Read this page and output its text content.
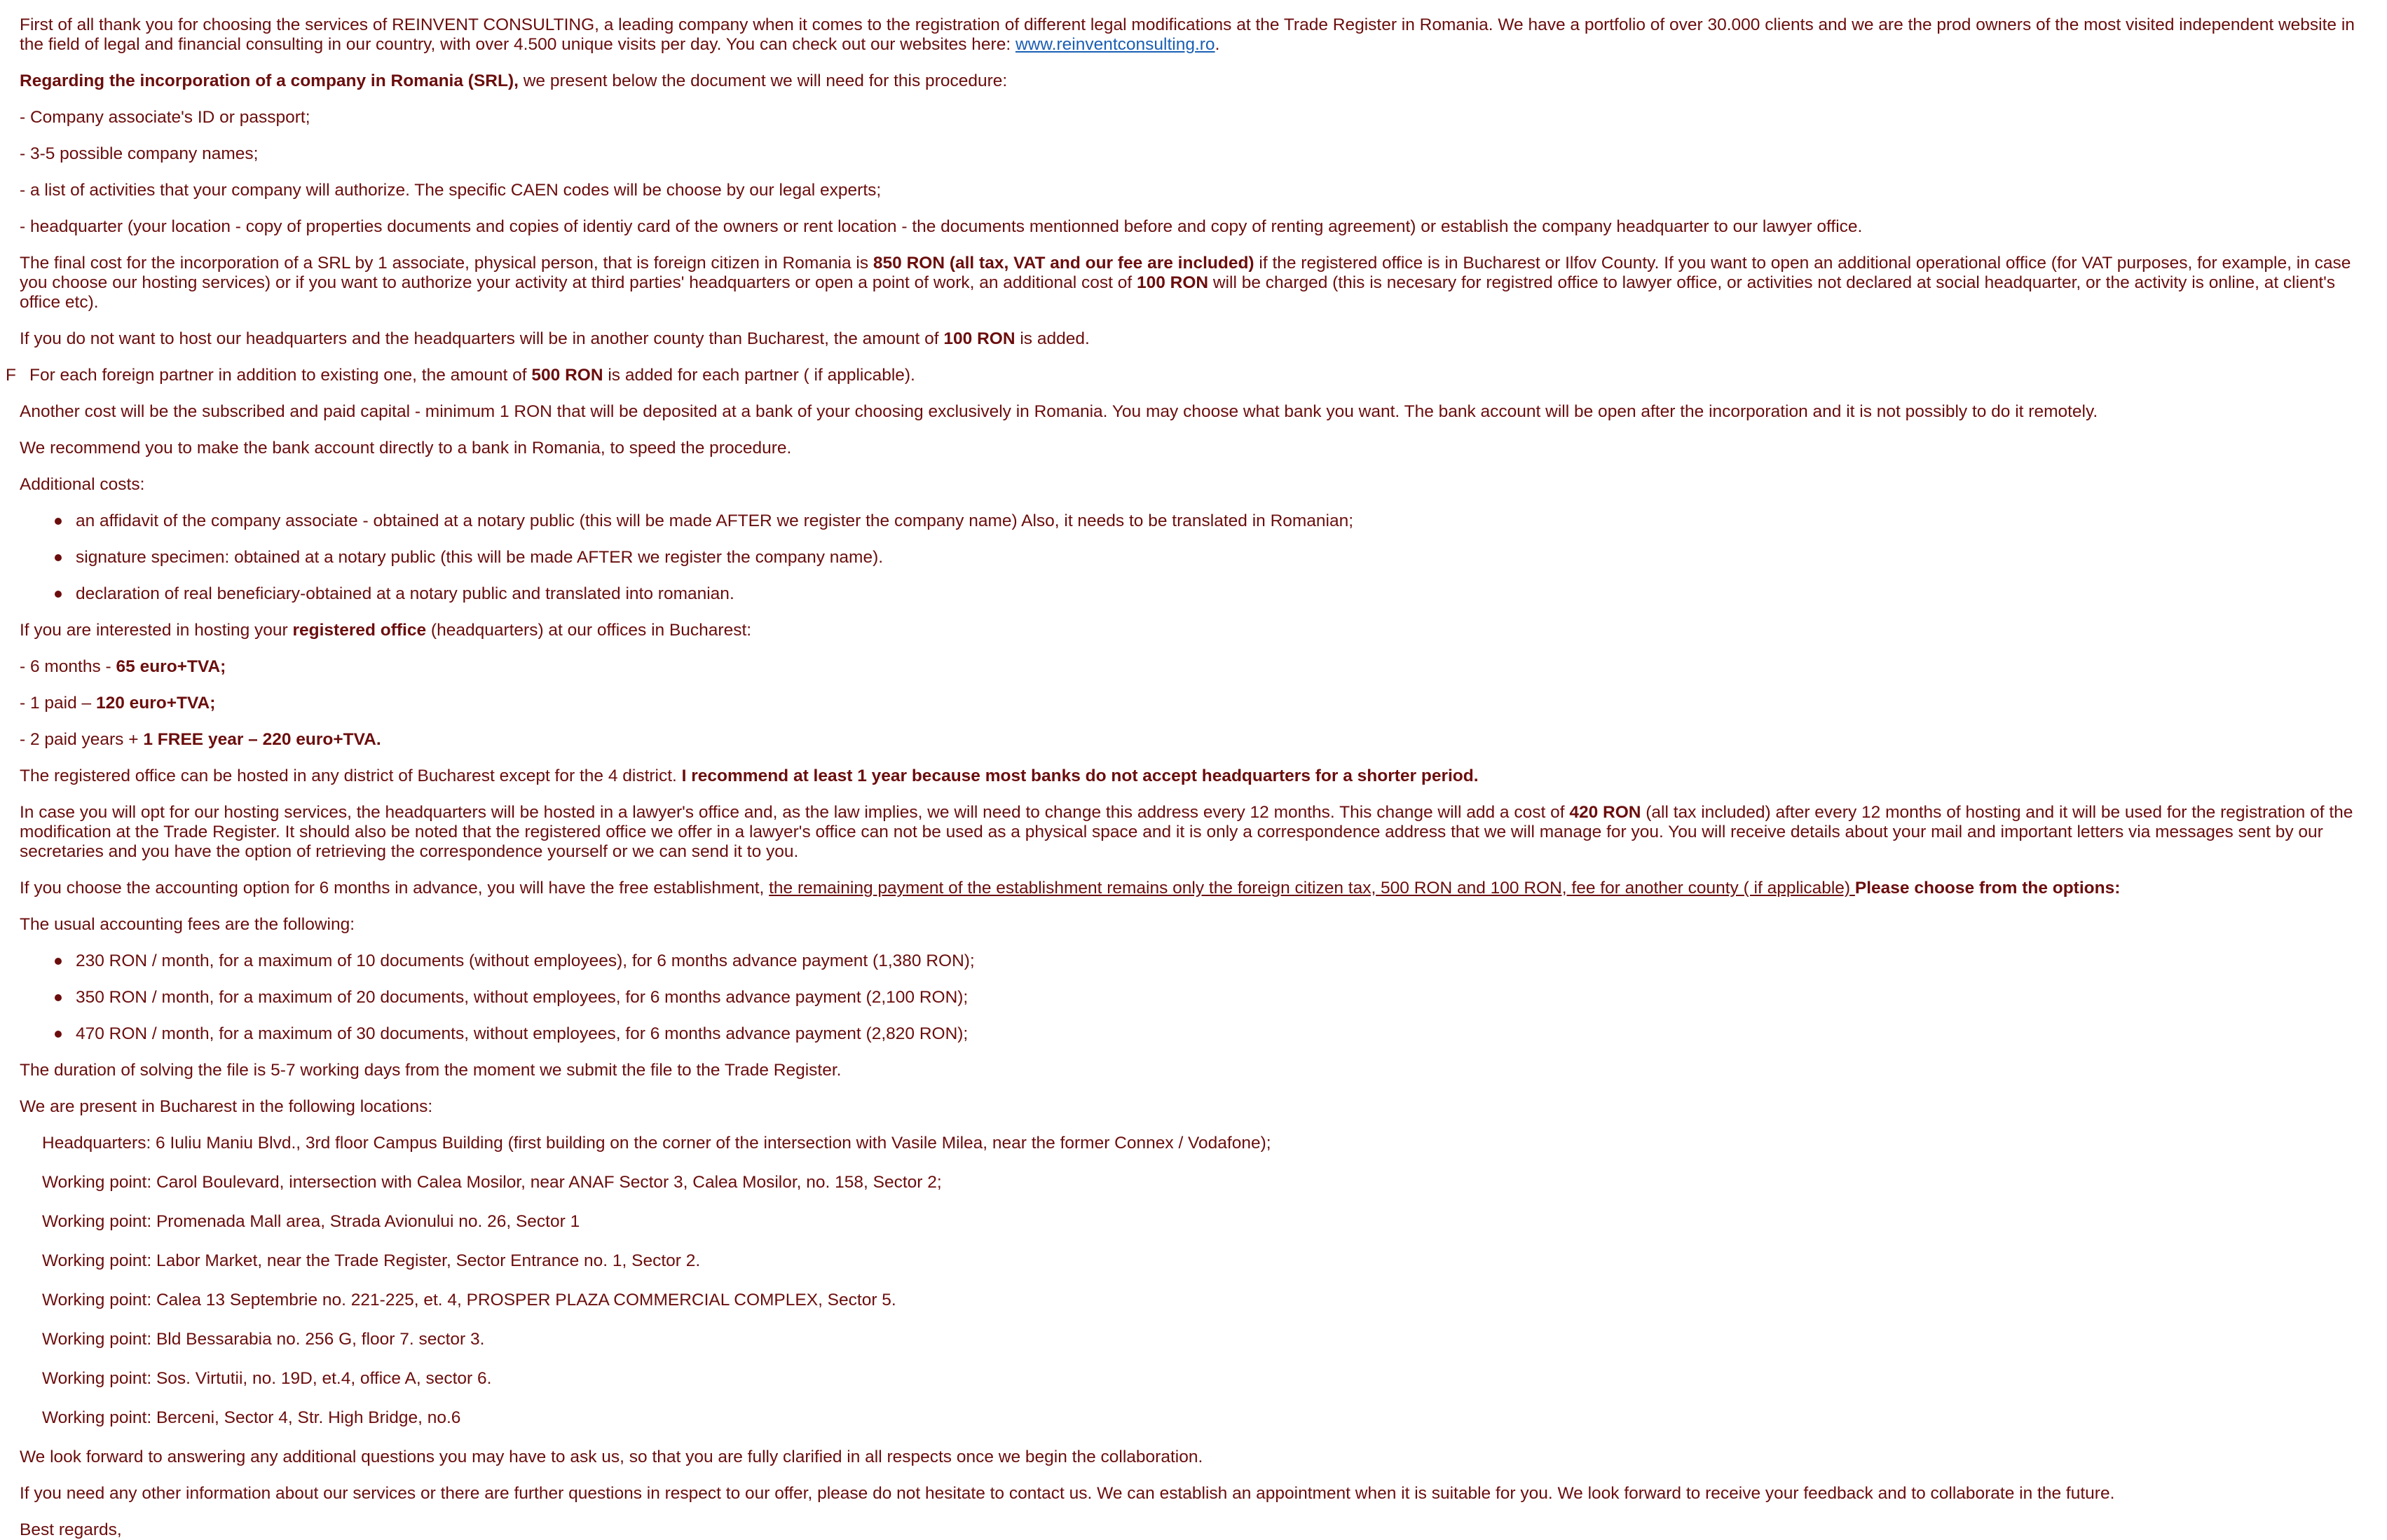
First of all thank you for choosing the services of REINVENT CONSULTING, a leading company when it comes to the registration of different legal modifications at the Trade Register in Romania. We have a portfolio of over 30.000 clients and we are the prod owners of the most visited independent website in the field of legal and financial consulting in our country, with over 4.500 unique visits per day. You can check out our websites here: www.reinventconsulting.ro.

Regarding the incorporation of a company in Romania (SRL), we present below the document we will need for this procedure:

- Company associate's ID or passport;

- 3-5 possible company names;

- a list of activities that your company will authorize. The specific CAEN codes will be choose by our legal experts;

- headquarter (your location - copy of properties documents and copies of identiy card of the owners or rent location - the documents mentionned before and copy of renting agreement) or establish the company headquarter to our lawyer office.

The final cost for the incorporation of a SRL by 1 associate, physical person, that is foreign citizen in Romania is 850 RON (all tax, VAT and our fee are included) if the registered office is in Bucharest or Ilfov County. If you want to open an additional operational office (for VAT purposes, for example, in case you choose our hosting services) or if you want to authorize your activity at third parties' headquarters or open a point of work, an additional cost of 100 RON will be charged (this is necesary for registred office to lawyer office, or activities not declared at social headquarter, or the activity is online, at client's office etc).

If you do not want to host our headquarters and the headquarters will be in another county than Bucharest, the amount of 100 RON is added.

F For each foreign partner in addition to existing one, the amount of 500 RON is added for each partner ( if applicable).

Another cost will be the subscribed and paid capital - minimum 1 RON that will be deposited at a bank of your choosing exclusively in Romania. You may choose what bank you want. The bank account will be open after the incorporation and it is not possibly to do it remotely.

We recommend you to make the bank account directly to a bank in Romania, to speed the procedure.

Additional costs:

an affidavit of the company associate - obtained at a notary public (this will be made AFTER we register the company name) Also, it needs to be translated in Romanian;
signature specimen: obtained at a notary public (this will be made AFTER we register the company name).
declaration of real beneficiary-obtained at a notary public and translated into romanian.

If you are interested in hosting your registered office (headquarters) at our offices in Bucharest:

- 6 months - 65 euro+TVA;

- 1 paid – 120 euro+TVA;

- 2 paid years + 1 FREE year – 220 euro+TVA.

The registered office can be hosted in any district of Bucharest except for the 4 district. I recommend at least 1 year because most banks do not accept headquarters for a shorter period.

In case you will opt for our hosting services, the headquarters will be hosted in a lawyer's office and, as the law implies, we will need to change this address every 12 months. This change will add a cost of 420 RON (all tax included) after every 12 months of hosting and it will be used for the registration of the modification at the Trade Register. It should also be noted that the registered office we offer in a lawyer's office can not be used as a physical space and it is only a correspondence address that we will manage for you. You will receive details about your mail and important letters via messages sent by our secretaries and you have the option of retrieving the correspondence yourself or we can send it to you.

If you choose the accounting option for 6 months in advance, you will have the free establishment, the remaining payment of the establishment remains only the foreign citizen tax, 500 RON and 100 RON, fee for another county ( if applicable) Please choose from the options:

The usual accounting fees are the following:

230 RON / month, for a maximum of 10 documents (without employees), for 6 months advance payment (1,380 RON);
350 RON / month, for a maximum of 20 documents, without employees, for 6 months advance payment (2,100 RON);
470 RON / month, for a maximum of 30 documents, without employees, for 6 months advance payment (2,820 RON);

The duration of solving the file is 5-7 working days from the moment we submit the file to the Trade Register.

We are present in Bucharest in the following locations:

Headquarters: 6 Iuliu Maniu Blvd., 3rd floor Campus Building (first building on the corner of the intersection with Vasile Milea, near the former Connex / Vodafone);

Working point: Carol Boulevard, intersection with Calea Mosilor, near ANAF Sector 3, Calea Mosilor, no. 158, Sector 2;

Working point: Promenada Mall area, Strada Avionului no. 26, Sector 1

Working point: Labor Market, near the Trade Register, Sector Entrance no. 1, Sector 2.

Working point: Calea 13 Septembrie no. 221-225, et. 4, PROSPER PLAZA COMMERCIAL COMPLEX, Sector 5.

Working point: Bld Bessarabia no. 256 G, floor 7. sector 3.

Working point: Sos. Virtutii, no. 19D, et.4, office A, sector 6.

Working point: Berceni, Sector 4, Str. High Bridge, no.6

We look forward to answering any additional questions you may have to ask us, so that you are fully clarified in all respects once we begin the collaboration.

If you need any other information about our services or there are further questions in respect to our offer, please do not hesitate to contact us. We can establish an appointment when it is suitable for you. We look forward to receive your feedback and to collaborate in the future.

Best regards,
